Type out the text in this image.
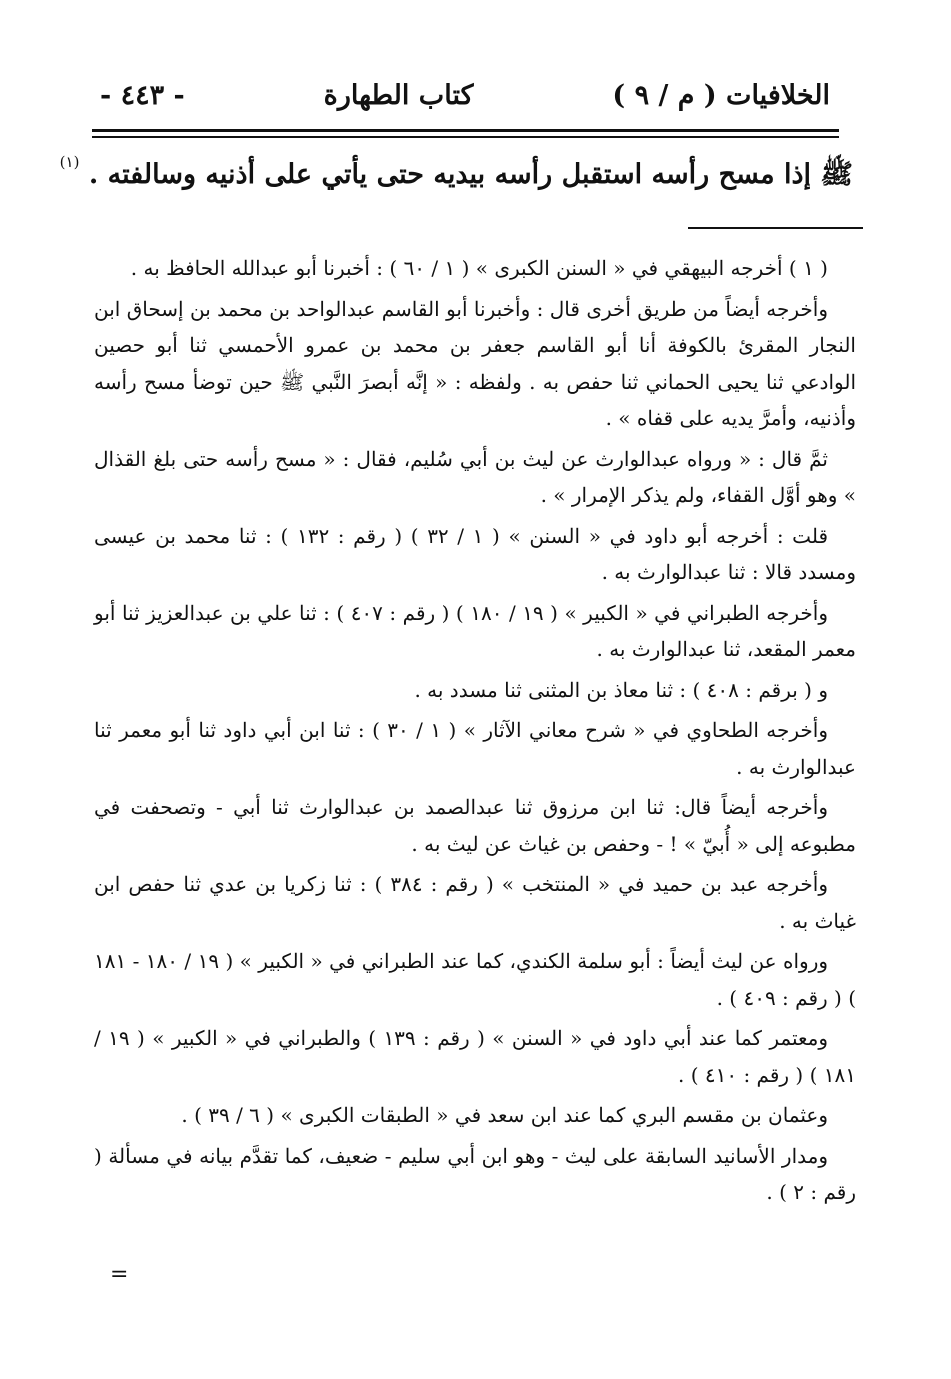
الخلافيات ( م / ٩ )
كتاب الطهارة
- ٤٤٣ -
ﷺ إذا مسح رأسه استقبل رأسه بيديه حتى يأتي على أذنيه وسالفته . $^{(١)}$

( ١ ) أخرجه البيهقي في « السنن الكبرى » ( ١ / ٦٠ ) : أخبرنا أبو عبدالله الحافظ به .

وأخرجه أيضاً من طريق أخرى قال : وأخبرنا أبو القاسم عبدالواحد بن محمد بن إسحاق ابن النجار المقرئ بالكوفة أنا أبو القاسم جعفر بن محمد بن عمرو الأحمسي ثنا أبو حصين الوادعي ثنا يحيى الحماني ثنا حفص به . ولفظه : « إنَّه أبصرَ النَّبي ﷺ حين توضأ مسح رأسه وأذنيه، وأمرَّ يديه على قفاه » .

ثمَّ قال : « ورواه عبدالوارث عن ليث بن أبي سُليم، فقال : « مسح رأسه حتى بلغ القذال » وهو أوَّل القفاء، ولم يذكر الإمرار » .

قلت : أخرجه أبو داود في « السنن » ( ١ / ٣٢ ) ( رقم : ١٣٢ ) : ثنا محمد بن عيسى ومسدد قالا : ثنا عبدالوارث به .

وأخرجه الطبراني في « الكبير » ( ١٩ / ١٨٠ ) ( رقم : ٤٠٧ ) : ثنا علي بن عبدالعزيز ثنا أبو معمر المقعد، ثنا عبدالوارث به .

و ( برقم : ٤٠٨ ) : ثنا معاذ بن المثنى ثنا مسدد به .

وأخرجه الطحاوي في « شرح معاني الآثار » ( ١ / ٣٠ ) : ثنا ابن أبي داود ثنا أبو معمر ثنا عبدالوارث به .

وأخرجه أيضاً قال: ثنا ابن مرزوق ثنا عبدالصمد بن عبدالوارث ثنا أبي - وتصحفت في مطبوعه إلى « أُبيّ » ! - وحفص بن غياث عن ليث به .

وأخرجه عبد بن حميد في « المنتخب » ( رقم : ٣٨٤ ) : ثنا زكريا بن عدي ثنا حفص ابن غياث به .

ورواه عن ليث أيضاً : أبو سلمة الكندي، كما عند الطبراني في « الكبير » ( ١٩ / ١٨٠ - ١٨١ ) ( رقم : ٤٠٩ ) .

ومعتمر كما عند أبي داود في « السنن » ( رقم : ١٣٩ ) والطبراني في « الكبير » ( ١٩ / ١٨١ ) ( رقم : ٤١٠ ) .

وعثمان بن مقسم البري كما عند ابن سعد في « الطبقات الكبرى » ( ٦ / ٣٩ ) .

ومدار الأسانيد السابقة على ليث - وهو ابن أبي سليم - ضعيف، كما تقدَّم بيانه في مسألة ( رقم : ٢ ) .

=
